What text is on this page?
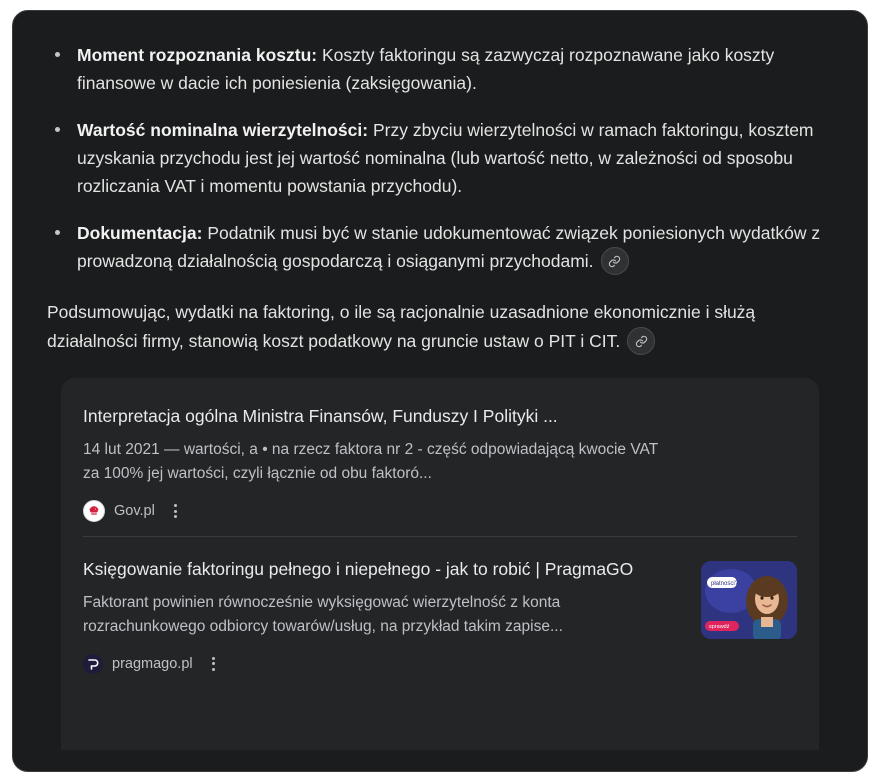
Moment rozpoznania kosztu: Koszty faktoringu są zazwyczaj rozpoznawane jako koszty finansowe w dacie ich poniesienia (zaksięgowania).
Wartość nominalna wierzytelności: Przy zbyciu wierzytelności w ramach faktoringu, kosztem uzyskania przychodu jest jej wartość nominalna (lub wartość netto, w zależności od sposobu rozliczania VAT i momentu powstania przychodu).
Dokumentacja: Podatnik musi być w stanie udokumentować związek poniesionych wydatków z prowadzoną działalnością gospodarczą i osiąganymi przychodami.
Podsumowując, wydatki na faktoring, o ile są racjonalnie uzasadnione ekonomicznie i służą działalności firmy, stanowią koszt podatkowy na gruncie ustaw o PIT i CIT.
Interpretacja ogólna Ministra Finansów, Funduszy I Polityki ...
14 lut 2021 — wartości, a • na rzecz faktora nr 2 - część odpowiadającą kwocie VAT za 100% jej wartości, czyli łącznie od obu faktoró...
Gov.pl
Księgowanie faktoringu pełnego i niepełnego - jak to robić | PragmaGO
Faktorant powinien równocześnie wyksięgować wierzytelność z konta rozrachunkowego odbiorcy towarów/usług, na przykład takim zapise...
pragmago.pl
płatności?
sprawdź
